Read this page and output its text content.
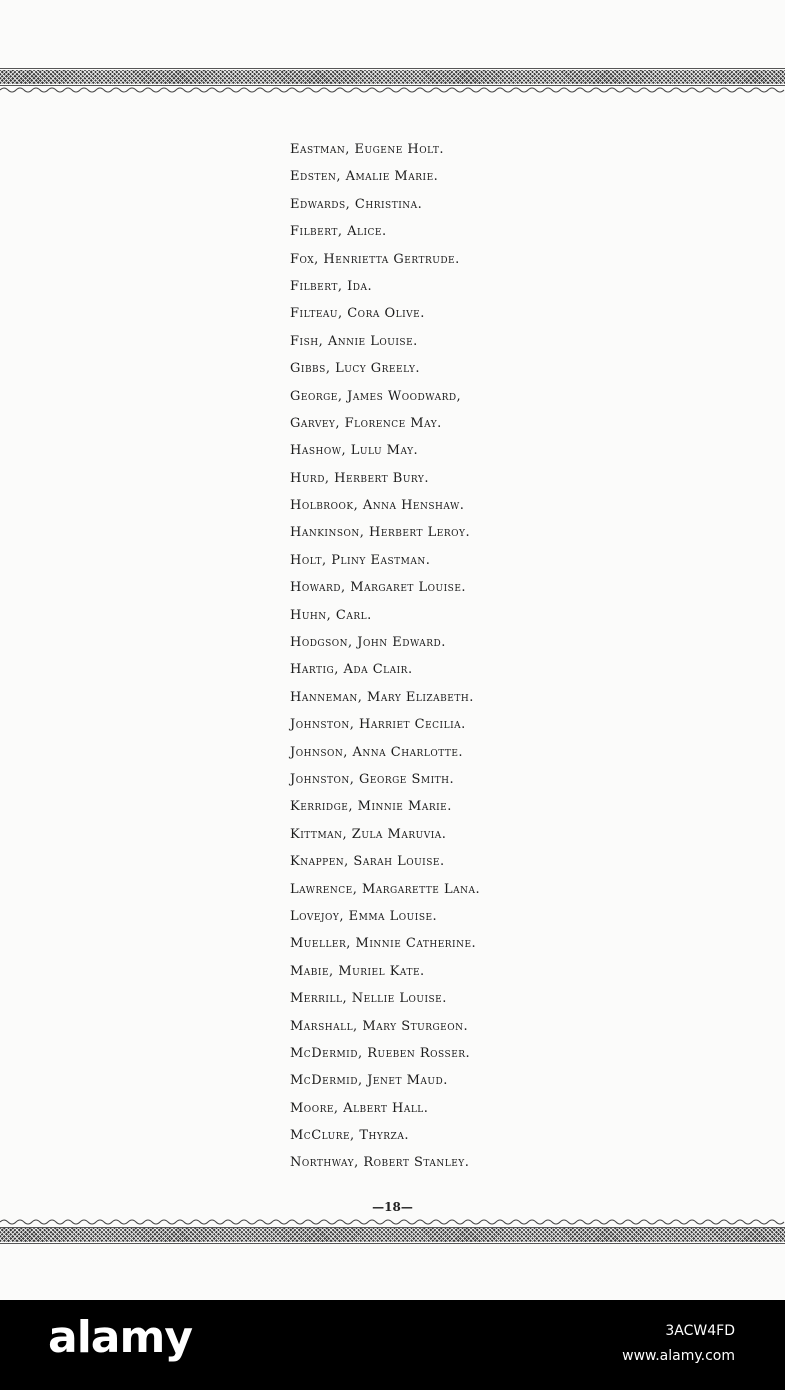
Eastman, Eugene Holt.
Edsten, Amalie Marie.
Edwards, Christina.
Filbert, Alice.
Fox, Henrietta Gertrude.
Filbert, Ida.
Filteau, Cora Olive.
Fish, Annie Louise.
Gibbs, Lucy Greely.
George, James Woodward,
Garvey, Florence May.
Hashow, Lulu May.
Hurd, Herbert Bury.
Holbrook, Anna Henshaw.
Hankinson, Herbert Leroy.
Holt, Pliny Eastman.
Howard, Margaret Louise.
Huhn, Carl.
Hodgson, John Edward.
Hartig, Ada Clair.
Hanneman, Mary Elizabeth.
Johnston, Harriet Cecilia.
Johnson, Anna Charlotte.
Johnston, George Smith.
Kerridge, Minnie Marie.
Kittman, Zula Maruvia.
Knappen, Sarah Louise.
Lawrence, Margarette Lana.
Lovejoy, Emma Louise.
Mueller, Minnie Catherine.
Mabie, Muriel Kate.
Merrill, Nellie Louise.
Marshall, Mary Sturgeon.
McDermid, Rueben Rosser.
McDermid, Jenet Maud.
Moore, Albert Hall.
McClure, Thyrza.
Northway, Robert Stanley.
—18—
alamy	3ACW4FD
www.alamy.com
